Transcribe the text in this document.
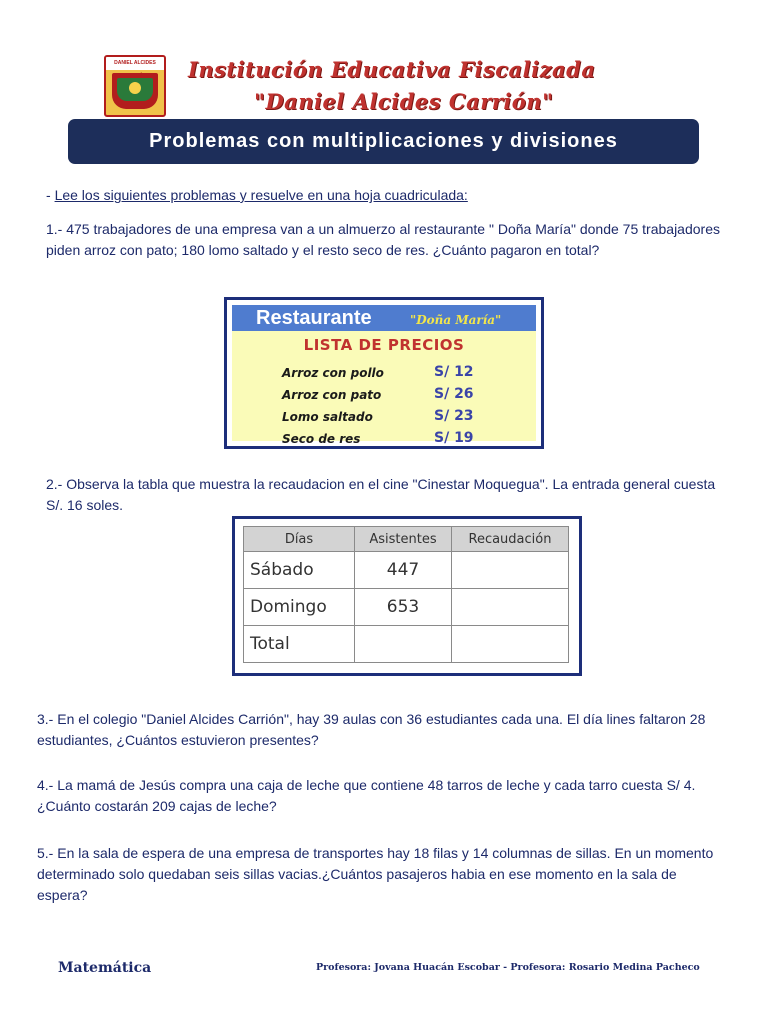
DANIEL ALCIDES	Institución Educativa Fiscalizada
"Daniel Alcides Carrión"
Problemas con multiplicaciones y divisiones
- Lee los siguientes problemas y resuelve en una hoja cuadriculada:
1.- 475 trabajadores de una empresa van a un almuerzo al restaurante " Doña María" donde 75 trabajadores piden arroz con pato; 180 lomo saltado y el resto seco de res. ¿Cuánto pagaron en total?
Restaurante	"Doña María"
LISTA DE PRECIOS
Arroz con pollo	S/ 12
Arroz con pato	S/ 26
Lomo saltado	S/ 23
Seco de res	S/ 19
2.- Observa la tabla que muestra la recaudacion en el cine "Cinestar Moquegua". La entrada general cuesta S/. 16 soles.
Días	Asistentes	Recaudación
Sábado	447	
Domingo	653	
Total		
3.- En el colegio "Daniel Alcides Carrión", hay 39 aulas con 36 estudiantes cada una. El día lines faltaron 28 estudiantes, ¿Cuántos estuvieron presentes?
4.- La mamá de Jesús compra una caja de leche que contiene 48 tarros de leche y cada tarro cuesta S/ 4. ¿Cuánto costarán 209 cajas de leche?
5.- En la sala de espera de una empresa de transportes hay 18 filas y 14 columnas de sillas. En un momento determinado solo quedaban seis sillas vacias.¿Cuántos pasajeros habia en ese momento en la sala de espera?
Matemática	Profesora: Jovana Huacán Escobar - Profesora: Rosario Medina Pacheco
